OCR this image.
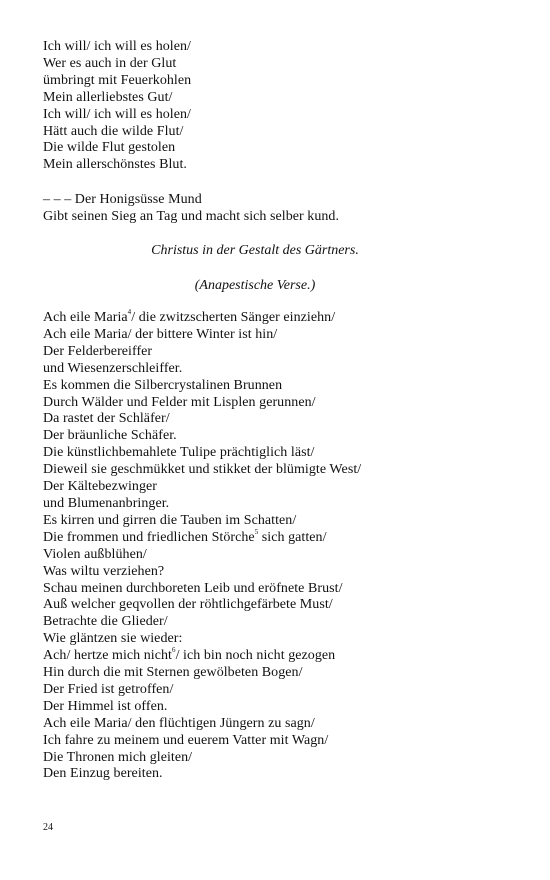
Ich will/ ich will es holen/
Wer es auch in der Glut
ümbringt mit Feuerkohlen
Mein allerliebstes Gut/
Ich will/ ich will es holen/
Hätt auch die wilde Flut/
Die wilde Flut gestolen
Mein allerschönstes Blut.
– – – Der Honigsüsse Mund
Gibt seinen Sieg an Tag und macht sich selber kund.
Christus in der Gestalt des Gärtners.
(Anapestische Verse.)
Ach eile Maria$^4$/ die zwitzscherten Sänger einziehn/
Ach eile Maria/ der bittere Winter ist hin/
Der Felderbereiffer
und Wiesenzerschleiffer.
Es kommen die Silbercrystalinen Brunnen
Durch Wälder und Felder mit Lisplen gerunnen/
Da rastet der Schläfer/
Der bräunliche Schäfer.
Die künstlichbemahlete Tulipe prächtiglich läst/
Dieweil sie geschmükket und stikket der blümigte West/
Der Kältebezwinger
und Blumenanbringer.
Es kirren und girren die Tauben im Schatten/
Die frommen und friedlichen Störche$^5$ sich gatten/
Violen außblühen/
Was wiltu verziehen?
Schau meinen durchboreten Leib und eröfnete Brust/
Auß welcher geqvollen der röhtlichgefärbete Must/
Betrachte die Glieder/
Wie gläntzen sie wieder:
Ach/ hertze mich nicht$^6$/ ich bin noch nicht gezogen
Hin durch die mit Sternen gewölbeten Bogen/
Der Fried ist getroffen/
Der Himmel ist offen.
Ach eile Maria/ den flüchtigen Jüngern zu sagn/
Ich fahre zu meinem und euerem Vatter mit Wagn/
Die Thronen mich gleiten/
Den Einzug bereiten.
24
